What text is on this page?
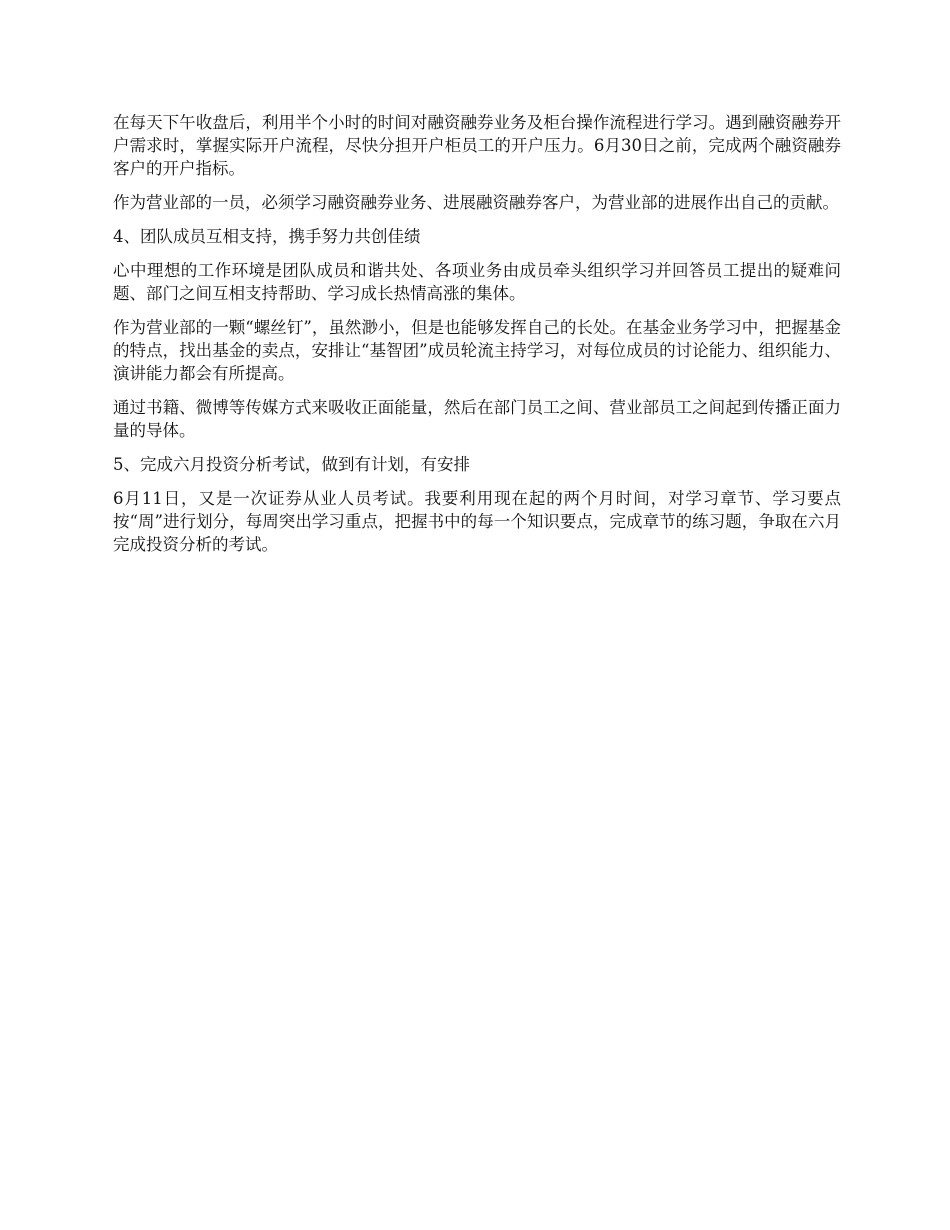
在每天下午收盘后，利用半个小时的时间对融资融券业务及柜台操作流程进行学习。遇到融资融券开户需求时，掌握实际开户流程，尽快分担开户柜员工的开户压力。6月30日之前，完成两个融资融券客户的开户指标。

作为营业部的一员，必须学习融资融券业务、进展融资融券客户，为营业部的进展作出自己的贡献。

4、团队成员互相支持，携手努力共创佳绩

心中理想的工作环境是团队成员和谐共处、各项业务由成员牵头组织学习并回答员工提出的疑难问题、部门之间互相支持帮助、学习成长热情高涨的集体。

作为营业部的一颗“螺丝钉”，虽然渺小，但是也能够发挥自己的长处。在基金业务学习中，把握基金的特点，找出基金的卖点，安排让“基智团”成员轮流主持学习，对每位成员的讨论能力、组织能力、演讲能力都会有所提高。

通过书籍、微博等传媒方式来吸收正面能量，然后在部门员工之间、营业部员工之间起到传播正面力量的导体。

5、完成六月投资分析考试，做到有计划，有安排

6月11日，又是一次证券从业人员考试。我要利用现在起的两个月时间，对学习章节、学习要点按“周”进行划分，每周突出学习重点，把握书中的每一个知识要点，完成章节的练习题，争取在六月完成投资分析的考试。
